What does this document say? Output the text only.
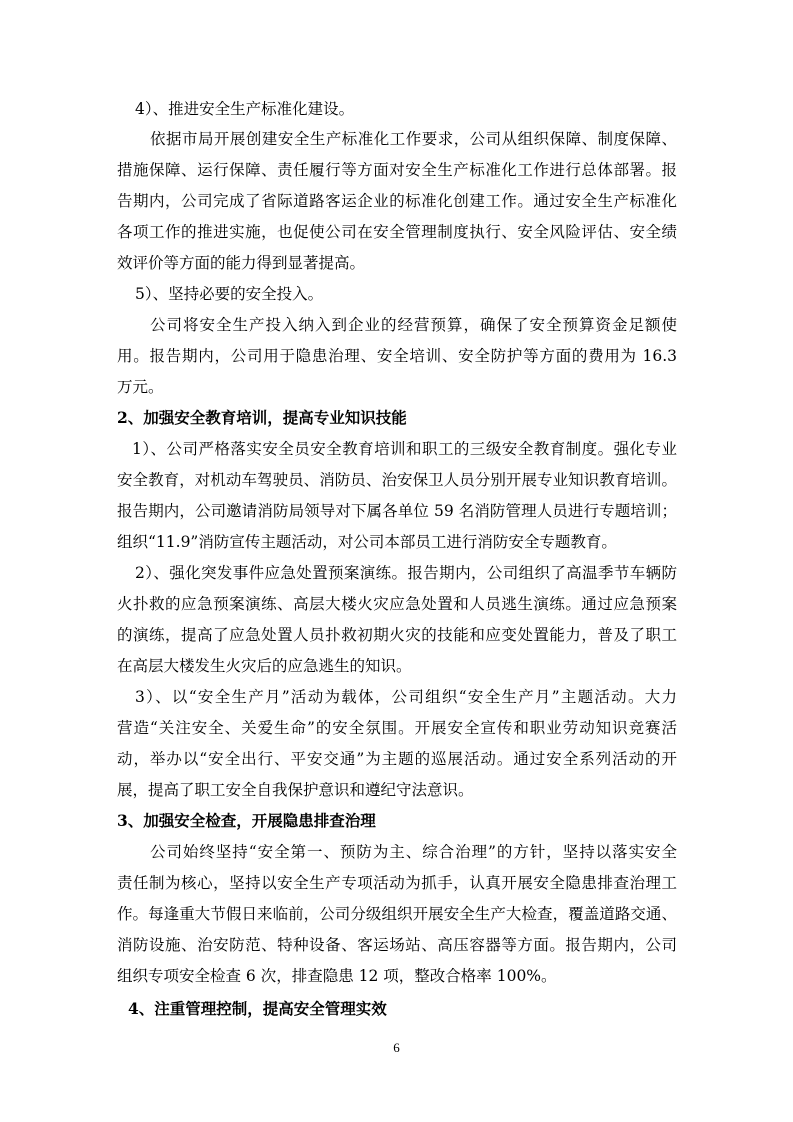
4）、推进安全生产标准化建设。
依据市局开展创建安全生产标准化工作要求，公司从组织保障、制度保障、
措施保障、运行保障、责任履行等方面对安全生产标准化工作进行总体部署。报
告期内，公司完成了省际道路客运企业的标准化创建工作。通过安全生产标准化
各项工作的推进实施，也促使公司在安全管理制度执行、安全风险评估、安全绩
效评价等方面的能力得到显著提高。
5）、坚持必要的安全投入。
公司将安全生产投入纳入到企业的经营预算，确保了安全预算资金足额使
用。报告期内，公司用于隐患治理、安全培训、安全防护等方面的费用为 16.3
万元。
2、加强安全教育培训，提高专业知识技能
1）、公司严格落实安全员安全教育培训和职工的三级安全教育制度。强化专业
安全教育，对机动车驾驶员、消防员、治安保卫人员分别开展专业知识教育培训。
报告期内，公司邀请消防局领导对下属各单位 59 名消防管理人员进行专题培训；
组织“11.9”消防宣传主题活动，对公司本部员工进行消防安全专题教育。
2）、强化突发事件应急处置预案演练。报告期内，公司组织了高温季节车辆防
火扑救的应急预案演练、高层大楼火灾应急处置和人员逃生演练。通过应急预案
的演练，提高了应急处置人员扑救初期火灾的技能和应变处置能力，普及了职工
在高层大楼发生火灾后的应急逃生的知识。
3）、以“安全生产月”活动为载体，公司组织“安全生产月”主题活动。大力
营造“关注安全、关爱生命”的安全氛围。开展安全宣传和职业劳动知识竞赛活
动，举办以“安全出行、平安交通”为主题的巡展活动。通过安全系列活动的开
展，提高了职工安全自我保护意识和遵纪守法意识。
3、加强安全检查，开展隐患排查治理
公司始终坚持“安全第一、预防为主、综合治理”的方针，坚持以落实安全
责任制为核心，坚持以安全生产专项活动为抓手，认真开展安全隐患排查治理工
作。每逢重大节假日来临前，公司分级组织开展安全生产大检查，覆盖道路交通、
消防设施、治安防范、特种设备、客运场站、高压容器等方面。报告期内，公司
组织专项安全检查 6 次，排查隐患 12 项，整改合格率 100%。
4、注重管理控制，提高安全管理实效
6
